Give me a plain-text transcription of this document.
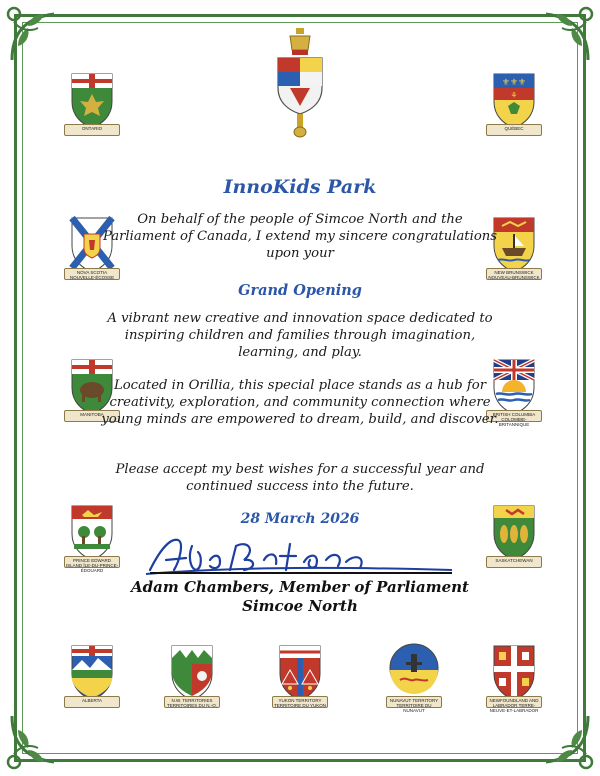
ONTARIO
NOVA SCOTIA NOUVELLE-ÉCOSSE
MANITOBA
PRINCE EDWARD ISLAND ÎLE-DU-PRINCE-ÉDOUARD
ALBERTA
⚜⚜⚜
⚘
QUÉBEC
NEW BRUNSWICK NOUVEAU-BRUNSWICK
BRITISH COLUMBIA COLOMBIE-BRITANNIQUE
SASKATCHEWAN
NEWFOUNDLAND AND LABRADOR TERRE-NEUVE-ET-LABRADOR
N.W. TERRITORIES TERRITOIRES DU N.-O.
YUKON TERRITORY TERRITOIRE DU YUKON
NUNAVUT TERRITORY TERRITOIRE DU NUNAVUT
InnoKids Park
On behalf of the people of Simcoe North and the Parliament of Canada, I extend my sincere congratulations upon your
Grand Opening
A vibrant new creative and innovation space dedicated to inspiring children and families through imagination, learning, and play.
Located in Orillia, this special place stands as a hub for creativity, exploration, and community connection where young minds are empowered to dream, build, and discover.
Please accept my best wishes for a successful year and continued success into the future.
28 March 2026
Adam Chambers, Member of Parliament
Simcoe North
